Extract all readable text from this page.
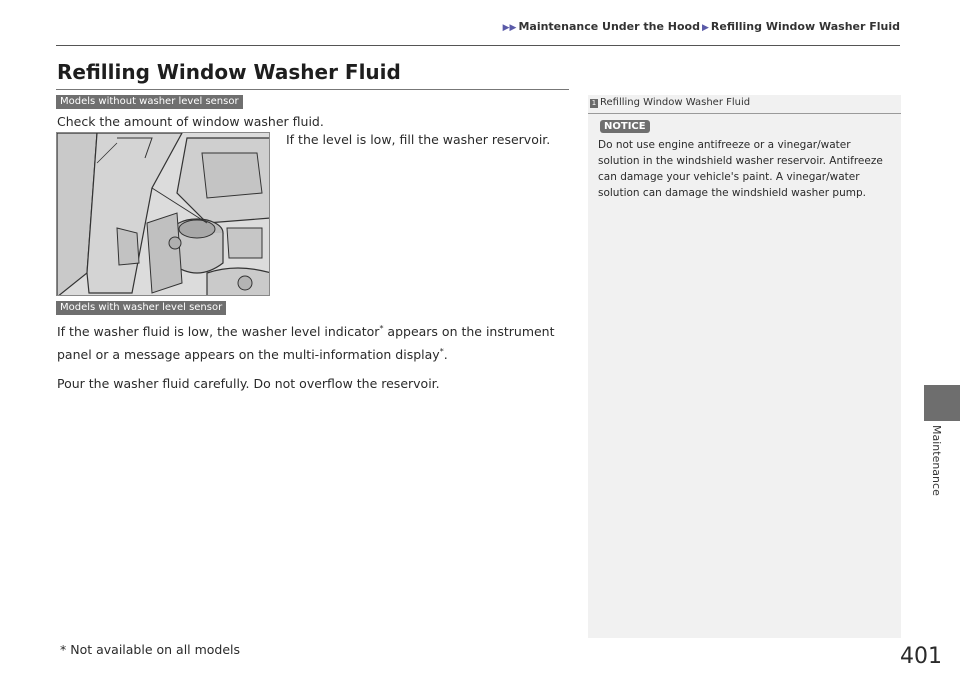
▶▶ Maintenance Under the Hood ▶ Refilling Window Washer Fluid
Refilling Window Washer Fluid
Models without washer level sensor

Check the amount of window washer fluid.

If the level is low, fill the washer reservoir.

Models with washer level sensor

If the washer fluid is low, the washer level indicator* appears on the instrument
panel or a message appears on the multi-information display*.

Pour the washer fluid carefully. Do not overflow the reservoir.

1 Refilling Window Washer Fluid
NOTICE

Do not use engine antifreeze or a vinegar/water solution in the windshield washer reservoir. Antifreeze can damage your vehicle's paint. A vinegar/water solution can damage the windshield washer pump.

Maintenance
* Not available on all models	401
